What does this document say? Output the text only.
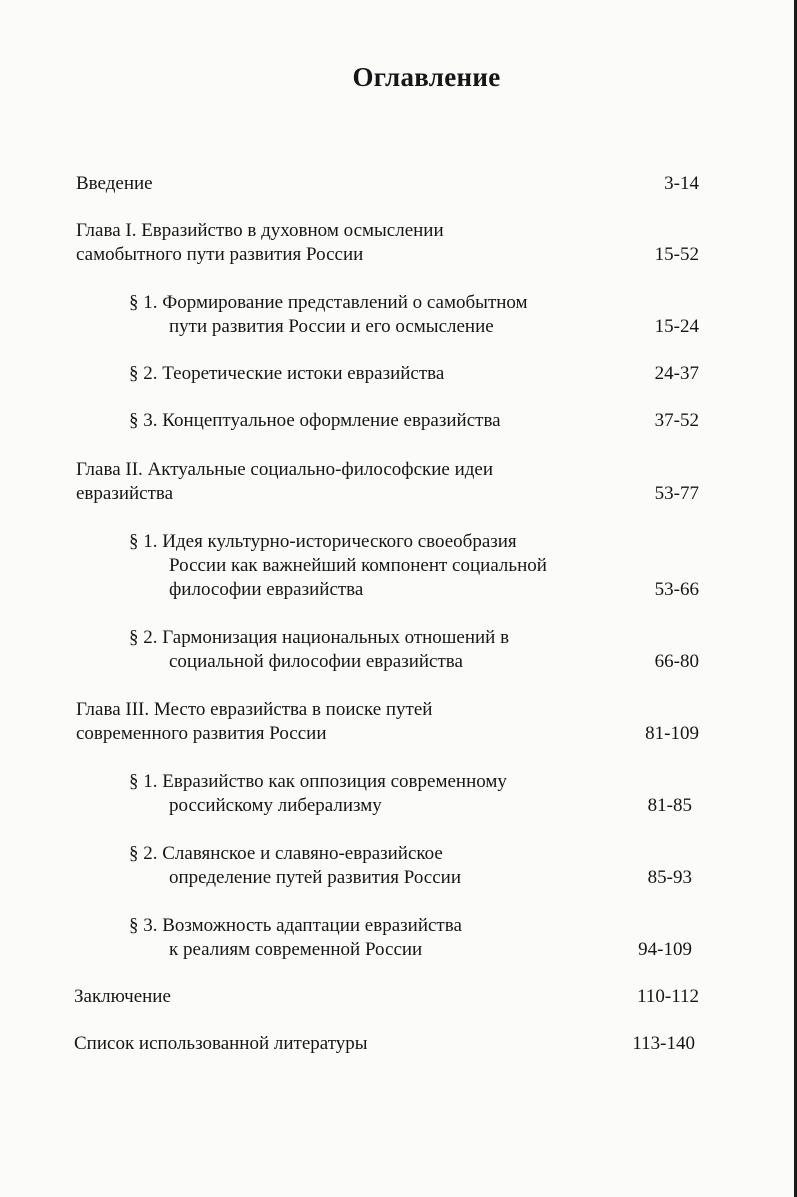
Оглавление
Введение	3-14
Глава I. Евразийство в духовном осмыслении
самобытного пути развития России	15-52
§ 1. Формирование представлений о самобытном
пути развития России и его осмысление	15-24
§ 2. Теоретические истоки евразийства	24-37
§ 3. Концептуальное оформление евразийства	37-52
Глава II. Актуальные социально-философские идеи
евразийства	53-77
§ 1. Идея культурно-исторического своеобразия
России как важнейший компонент социальной
философии евразийства	53-66
§ 2. Гармонизация национальных отношений в
социальной философии евразийства	66-80
Глава III. Место евразийства в поиске путей
современного развития России	81-109
§ 1. Евразийство как оппозиция современному
российскому либерализму	81-85
§ 2. Славянское и славяно-евразийское
определение путей развития России	85-93
§ 3. Возможность адаптации евразийства
к реалиям современной России	94-109
Заключение	110-112
Список использованной литературы	113-140
